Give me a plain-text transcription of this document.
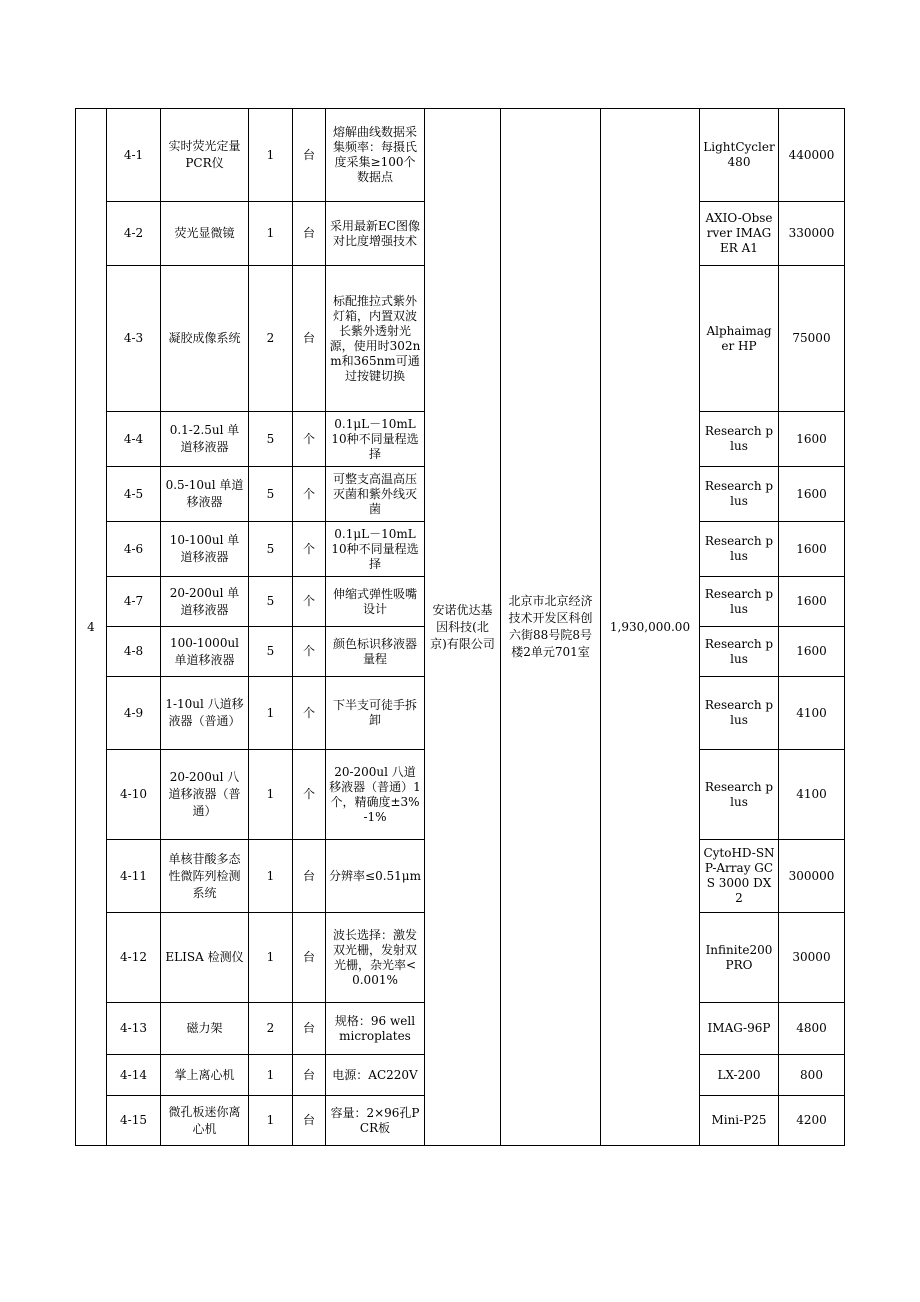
4	4-1	实时荧光定量PCR仪	1	台	熔解曲线数据采集频率：每摄氏度采集≥100个数据点	安诺优达基因科技(北京)有限公司	北京市北京经济技术开发区科创六街88号院8号楼2单元701室	1,930,000.00	LightCycler480	440000
	4-2	荧光显微镜	1	台	采用最新EC图像对比度增强技术				AXIO-Observer IMAGER A1	330000
	4-3	凝胶成像系统	2	台	标配推拉式紫外灯箱，内置双波长紫外透射光源，使用时302nm和365nm可通过按键切换				Alphaimager HP	75000
	4-4	0.1-2.5ul 单道移液器	5	个	0.1μL－10mL 10种不同量程选择				Research plus	1600
	4-5	0.5-10ul 单道移液器	5	个	可整支高温高压灭菌和紫外线灭菌				Research plus	1600
	4-6	10-100ul 单道移液器	5	个	0.1μL－10mL 10种不同量程选择				Research plus	1600
	4-7	20-200ul 单道移液器	5	个	伸缩式弹性吸嘴设计				Research plus	1600
	4-8	100-1000ul 单道移液器	5	个	颜色标识移液器量程				Research plus	1600
	4-9	1-10ul 八道移液器（普通）	1	个	下半支可徒手拆卸				Research plus	4100
	4-10	20-200ul 八道移液器（普通）	1	个	20-200ul 八道移液器（普通）1个，精确度±3%-1%				Research plus	4100
	4-11	单核苷酸多态性微阵列检测系统	1	台	分辨率≤0.51μm				CytoHD-SNP-Array GCS 3000 DX2	300000
	4-12	ELISA 检测仪	1	台	波长选择：激发双光栅，发射双光栅，杂光率<0.001%				Infinite200 PRO	30000
	4-13	磁力架	2	台	规格：96 well microplates				IMAG-96P	4800
	4-14	掌上离心机	1	台	电源：AC220V				LX-200	800
	4-15	微孔板迷你离心机	1	台	容量：2×96孔PCR板				Mini-P25	4200
